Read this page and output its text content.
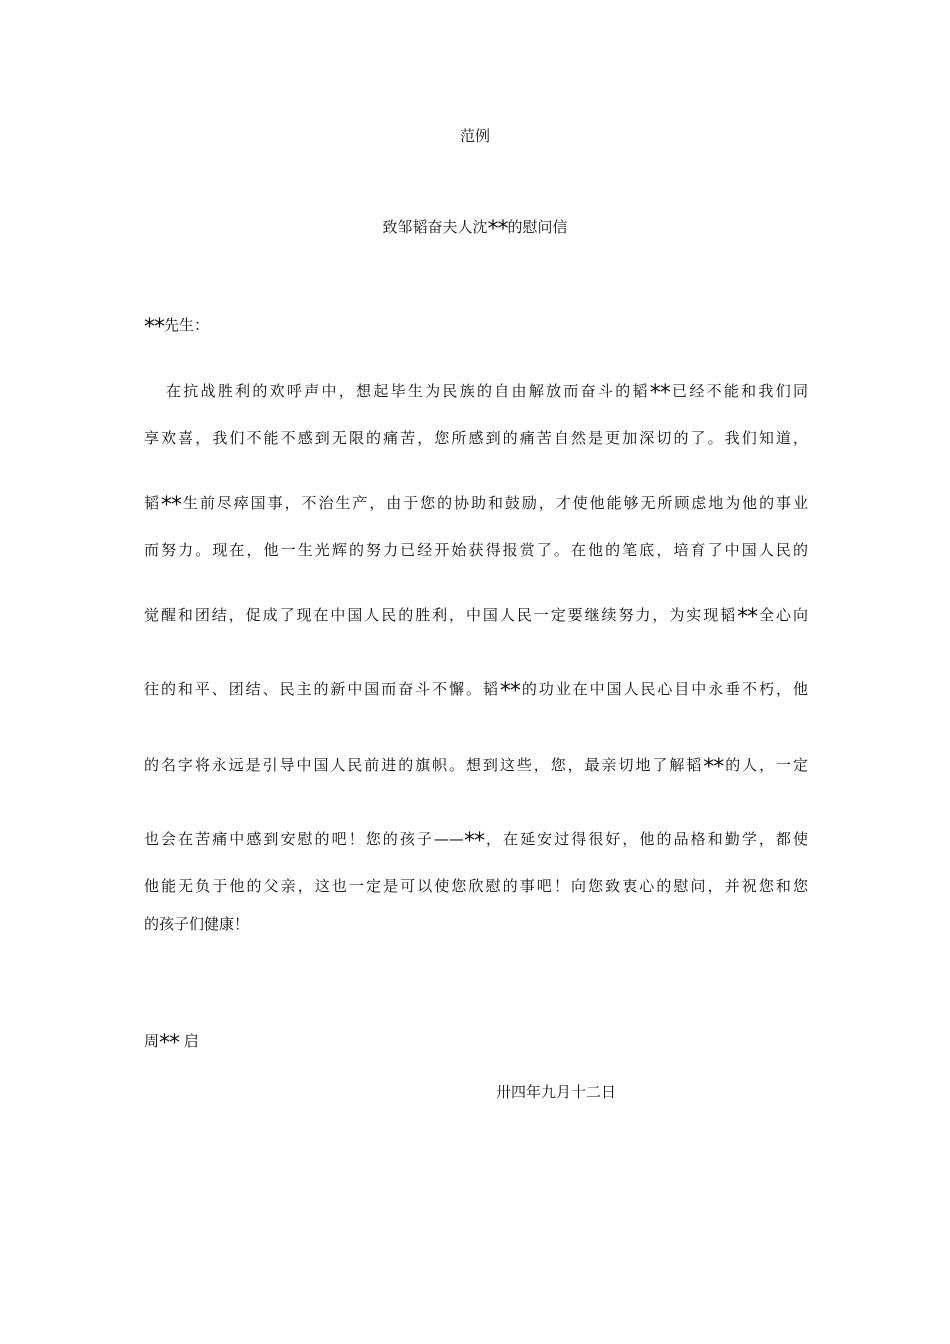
范例
致邹韬奋夫人沈**的慰问信
**先生：
在抗战胜利的欢呼声中，想起毕生为民族的自由解放而奋斗的韬**已经不能和我们同
享欢喜，我们不能不感到无限的痛苦，您所感到的痛苦自然是更加深切的了。我们知道，
韬**生前尽瘁国事，不治生产，由于您的协助和鼓励，才使他能够无所顾虑地为他的事业
而努力。现在，他一生光辉的努力已经开始获得报赏了。在他的笔底，培育了中国人民的
觉醒和团结，促成了现在中国人民的胜利，中国人民一定要继续努力，为实现韬**全心向
往的和平、团结、民主的新中国而奋斗不懈。韬**的功业在中国人民心目中永垂不朽，他
的名字将永远是引导中国人民前进的旗帜。想到这些，您，最亲切地了解韬**的人，一定
也会在苦痛中感到安慰的吧！您的孩子——**，在延安过得很好，他的品格和勤学，都使
他能无负于他的父亲，这也一定是可以使您欣慰的事吧！向您致衷心的慰问，并祝您和您
的孩子们健康！
周** 启
卅四年九月十二日
